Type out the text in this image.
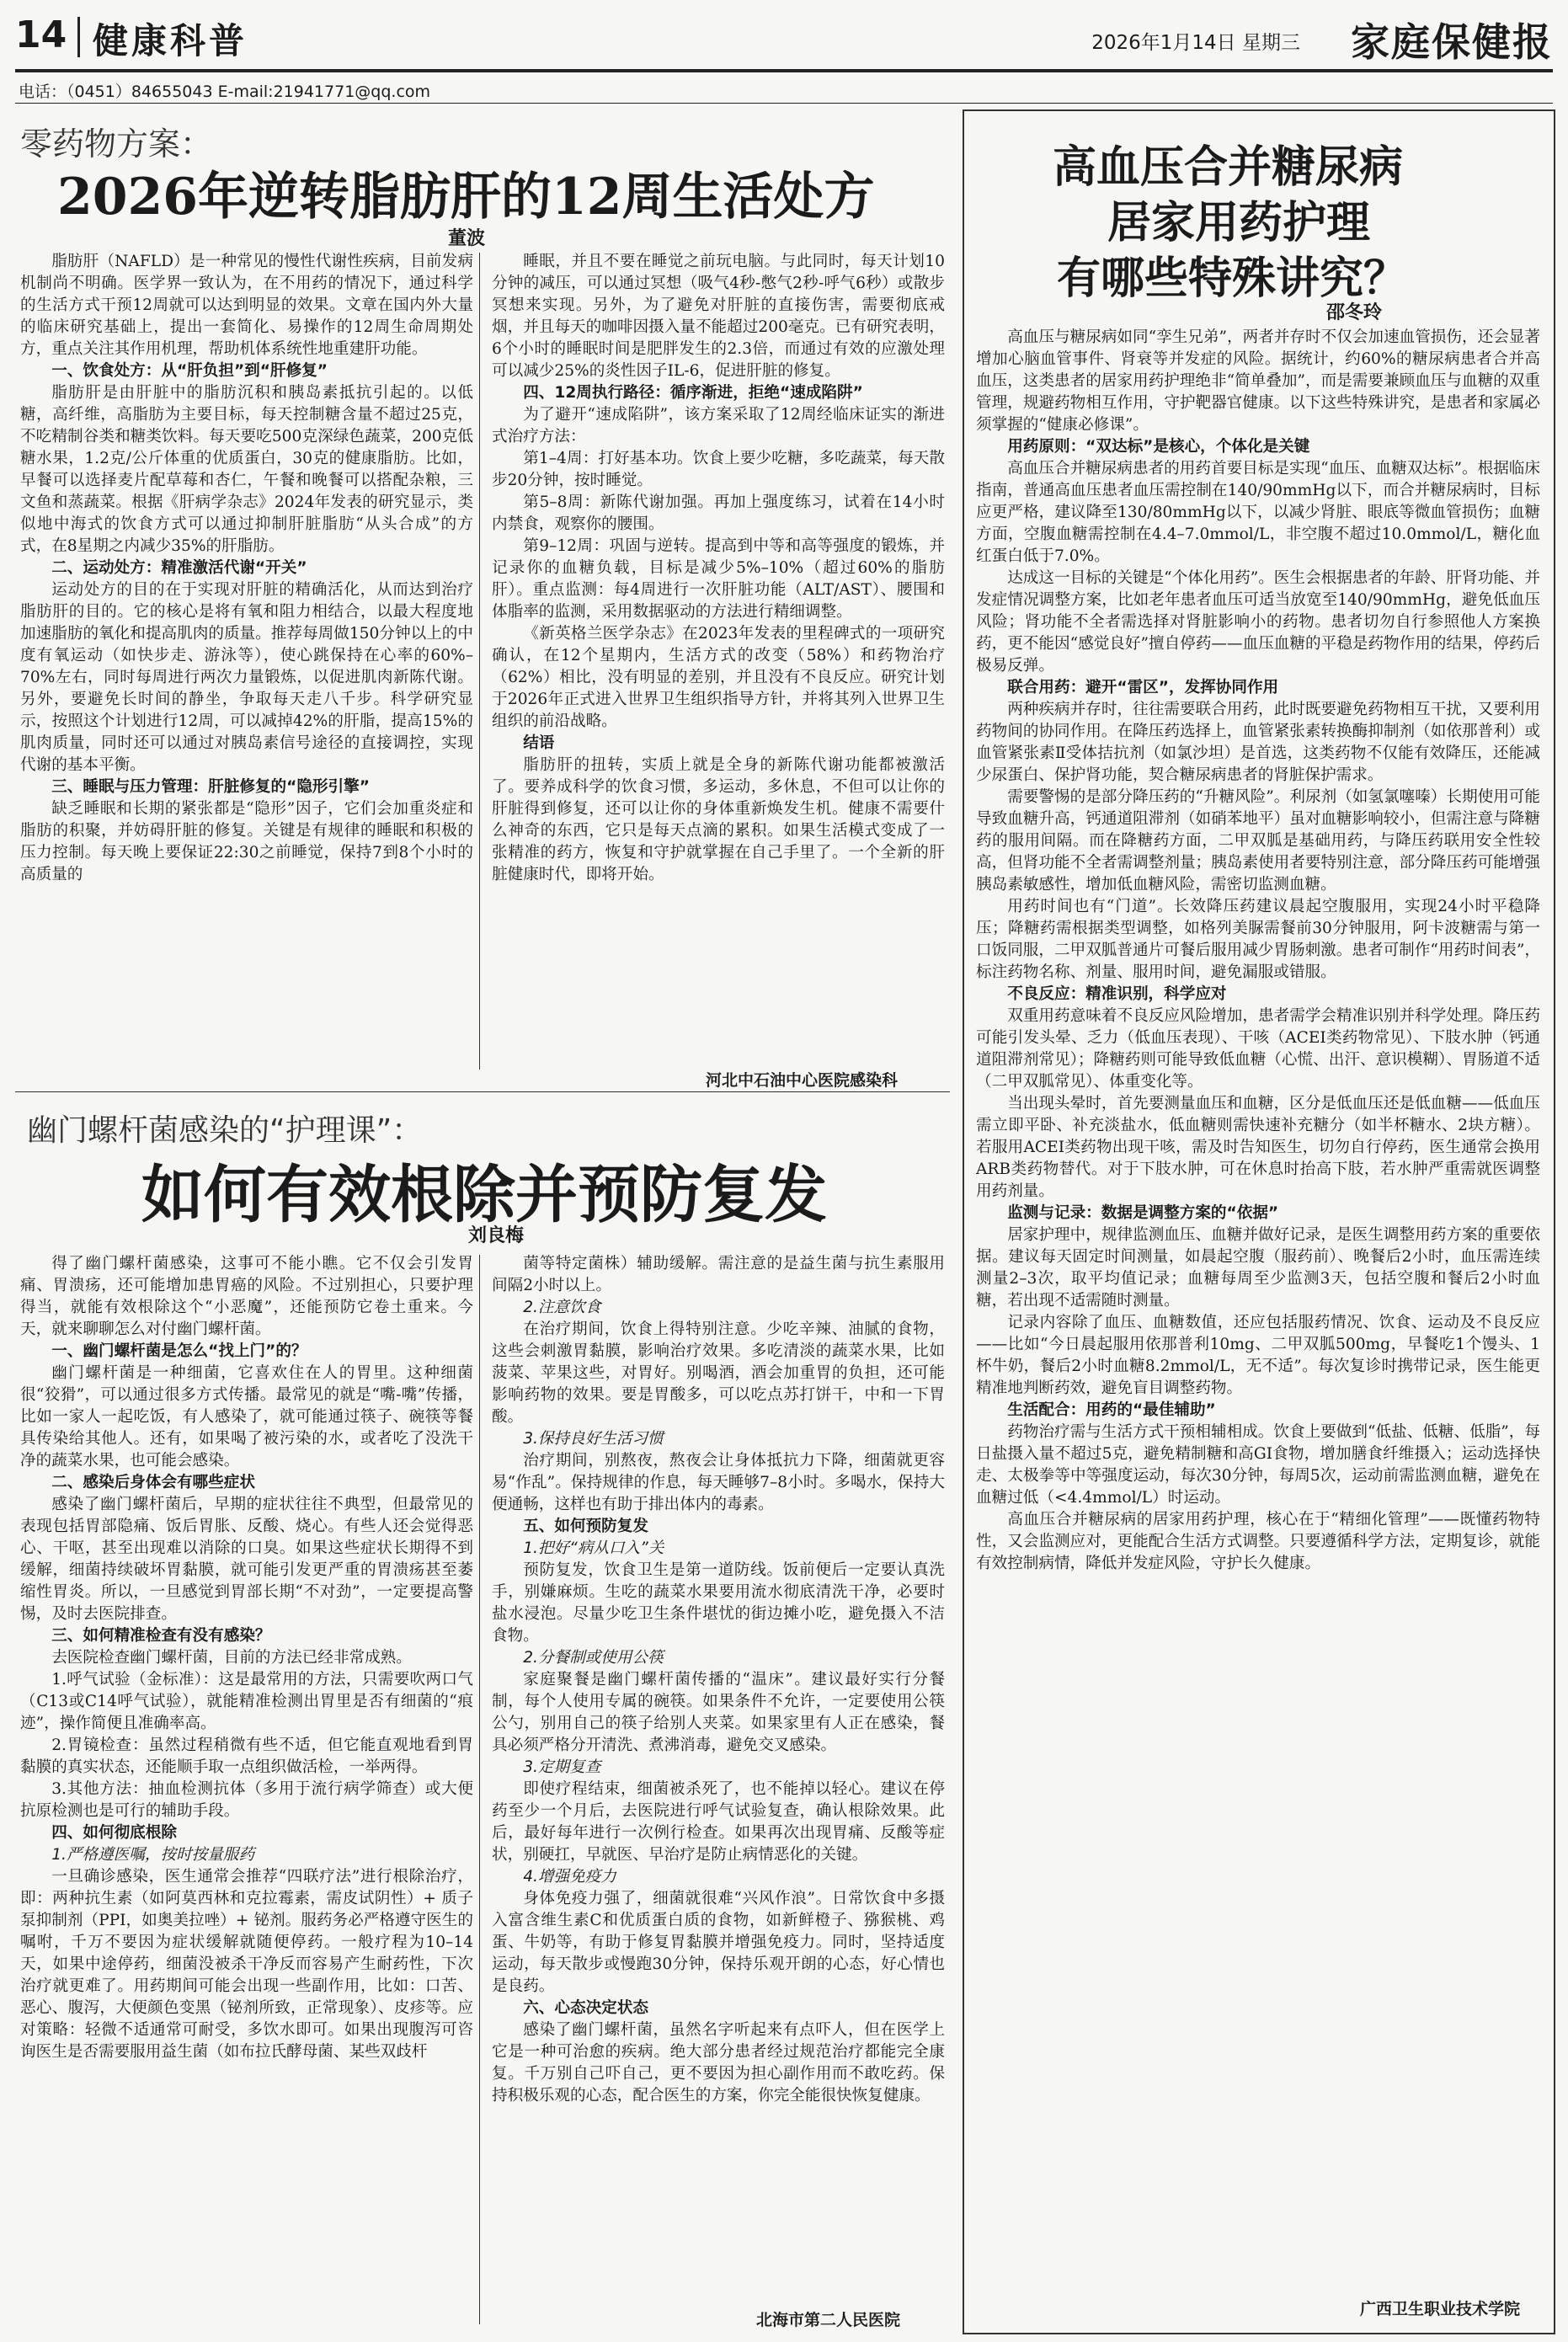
14 健康科普	2026年1月14日 星期三 家庭保健报
电话：（0451）84655043 E-mail:21941771@qq.com
零药物方案：
2026年逆转脂肪肝的12周生活处方
董波

脂肪肝（NAFLD）是一种常见的慢性代谢性疾病，目前发病机制尚不明确。医学界一致认为，在不用药的情况下，通过科学的生活方式干预12周就可以达到明显的效果。文章在国内外大量的临床研究基础上，提出一套简化、易操作的12周生命周期处方，重点关注其作用机理，帮助机体系统性地重建肝功能。

一、饮食处方：从“肝负担”到“肝修复”

脂肪肝是由肝脏中的脂肪沉积和胰岛素抵抗引起的。以低糖，高纤维，高脂肪为主要目标，每天控制糖含量不超过25克，不吃精制谷类和糖类饮料。每天要吃500克深绿色蔬菜，200克低糖水果，1.2克/公斤体重的优质蛋白，30克的健康脂肪。比如，早餐可以选择麦片配草莓和杏仁，午餐和晚餐可以搭配杂粮，三文鱼和蒸蔬菜。根据《肝病学杂志》2024年发表的研究显示，类似地中海式的饮食方式可以通过抑制肝脏脂肪“从头合成”的方式，在8星期之内减少35%的肝脂肪。

二、运动处方：精准激活代谢“开关”

运动处方的目的在于实现对肝脏的精确活化，从而达到治疗脂肪肝的目的。它的核心是将有氧和阻力相结合，以最大程度地加速脂肪的氧化和提高肌肉的质量。推荐每周做150分钟以上的中度有氧运动（如快步走、游泳等），使心跳保持在心率的60%–70%左右，同时每周进行两次力量锻炼，以促进肌肉新陈代谢。另外，要避免长时间的静坐，争取每天走八千步。科学研究显示，按照这个计划进行12周，可以减掉42%的肝脂，提高15%的肌肉质量，同时还可以通过对胰岛素信号途径的直接调控，实现代谢的基本平衡。

三、睡眠与压力管理：肝脏修复的“隐形引擎”

缺乏睡眠和长期的紧张都是“隐形”因子，它们会加重炎症和脂肪的积聚，并妨碍肝脏的修复。关键是有规律的睡眠和积极的压力控制。每天晚上要保证22:30之前睡觉，保持7到8个小时的高质量的

睡眠，并且不要在睡觉之前玩电脑。与此同时，每天计划10分钟的减压，可以通过冥想（吸气4秒-憋气2秒-呼气6秒）或散步冥想来实现。另外，为了避免对肝脏的直接伤害，需要彻底戒烟，并且每天的咖啡因摄入量不能超过200毫克。已有研究表明，6个小时的睡眠时间是肥胖发生的2.3倍，而通过有效的应激处理可以减少25%的炎性因子IL-6，促进肝脏的修复。

四、12周执行路径：循序渐进，拒绝“速成陷阱”

为了避开“速成陷阱”，该方案采取了12周经临床证实的渐进式治疗方法：

第1–4周：打好基本功。饮食上要少吃糖，多吃蔬菜，每天散步20分钟，按时睡觉。

第5–8周：新陈代谢加强。再加上强度练习，试着在14小时内禁食，观察你的腰围。

第9–12周：巩固与逆转。提高到中等和高等强度的锻炼，并记录你的血糖负载，目标是减少5%–10%（超过60%的脂肪肝）。重点监测：每4周进行一次肝脏功能（ALT/AST）、腰围和体脂率的监测，采用数据驱动的方法进行精细调整。

《新英格兰医学杂志》在2023年发表的里程碑式的一项研究确认，在12个星期内，生活方式的改变（58%）和药物治疗（62%）相比，没有明显的差别，并且没有不良反应。研究计划于2026年正式进入世界卫生组织指导方针，并将其列入世界卫生组织的前沿战略。

结语

脂肪肝的扭转，实质上就是全身的新陈代谢功能都被激活了。要养成科学的饮食习惯，多运动，多休息，不但可以让你的肝脏得到修复，还可以让你的身体重新焕发生机。健康不需要什么神奇的东西，它只是每天点滴的累积。如果生活模式变成了一张精准的药方，恢复和守护就掌握在自己手里了。一个全新的肝脏健康时代，即将开始。

河北中石油中心医院感染科
幽门螺杆菌感染的“护理课”：
如何有效根除并预防复发
刘良梅

得了幽门螺杆菌感染，这事可不能小瞧。它不仅会引发胃痛、胃溃疡，还可能增加患胃癌的风险。不过别担心，只要护理得当，就能有效根除这个“小恶魔”，还能预防它卷土重来。今天，就来聊聊怎么对付幽门螺杆菌。

一、幽门螺杆菌是怎么“找上门”的？

幽门螺杆菌是一种细菌，它喜欢住在人的胃里。这种细菌很“狡猾”，可以通过很多方式传播。最常见的就是“嘴-嘴”传播，比如一家人一起吃饭，有人感染了，就可能通过筷子、碗筷等餐具传染给其他人。还有，如果喝了被污染的水，或者吃了没洗干净的蔬菜水果，也可能会感染。

二、感染后身体会有哪些症状

感染了幽门螺杆菌后，早期的症状往往不典型，但最常见的表现包括胃部隐痛、饭后胃胀、反酸、烧心。有些人还会觉得恶心、干呕，甚至出现难以消除的口臭。如果这些症状长期得不到缓解，细菌持续破坏胃黏膜，就可能引发更严重的胃溃疡甚至萎缩性胃炎。所以，一旦感觉到胃部长期“不对劲”，一定要提高警惕，及时去医院排查。

三、如何精准检查有没有感染？

去医院检查幽门螺杆菌，目前的方法已经非常成熟。

1.呼气试验（金标准）：这是最常用的方法，只需要吹两口气（C13或C14呼气试验），就能精准检测出胃里是否有细菌的“痕迹”，操作简便且准确率高。

2.胃镜检查：虽然过程稍微有些不适，但它能直观地看到胃黏膜的真实状态，还能顺手取一点组织做活检，一举两得。

3.其他方法：抽血检测抗体（多用于流行病学筛查）或大便抗原检测也是可行的辅助手段。

四、如何彻底根除

1.严格遵医嘱，按时按量服药

一旦确诊感染，医生通常会推荐“四联疗法”进行根除治疗，即：两种抗生素（如阿莫西林和克拉霉素，需皮试阴性）+ 质子泵抑制剂（PPI，如奥美拉唑）+ 铋剂。服药务必严格遵守医生的嘱咐，千万不要因为症状缓解就随便停药。一般疗程为10–14天，如果中途停药，细菌没被杀干净反而容易产生耐药性，下次治疗就更难了。用药期间可能会出现一些副作用，比如：口苦、恶心、腹泻，大便颜色变黑（铋剂所致，正常现象）、皮疹等。应对策略：轻微不适通常可耐受，多饮水即可。如果出现腹泻可咨询医生是否需要服用益生菌（如布拉氏酵母菌、某些双歧杆

菌等特定菌株）辅助缓解。需注意的是益生菌与抗生素服用间隔2小时以上。

2.注意饮食

在治疗期间，饮食上得特别注意。少吃辛辣、油腻的食物，这些会刺激胃黏膜，影响治疗效果。多吃清淡的蔬菜水果，比如菠菜、苹果这些，对胃好。别喝酒，酒会加重胃的负担，还可能影响药物的效果。要是胃酸多，可以吃点苏打饼干，中和一下胃酸。

3.保持良好生活习惯

治疗期间，别熬夜，熬夜会让身体抵抗力下降，细菌就更容易“作乱”。保持规律的作息，每天睡够7–8小时。多喝水，保持大便通畅，这样也有助于排出体内的毒素。

五、如何预防复发

1.把好“病从口入”关

预防复发，饮食卫生是第一道防线。饭前便后一定要认真洗手，别嫌麻烦。生吃的蔬菜水果要用流水彻底清洗干净，必要时盐水浸泡。尽量少吃卫生条件堪忧的街边摊小吃，避免摄入不洁食物。

2.分餐制或使用公筷

家庭聚餐是幽门螺杆菌传播的“温床”。建议最好实行分餐制，每个人使用专属的碗筷。如果条件不允许，一定要使用公筷公勺，别用自己的筷子给别人夹菜。如果家里有人正在感染，餐具必须严格分开清洗、煮沸消毒，避免交叉感染。

3.定期复查

即使疗程结束，细菌被杀死了，也不能掉以轻心。建议在停药至少一个月后，去医院进行呼气试验复查，确认根除效果。此后，最好每年进行一次例行检查。如果再次出现胃痛、反酸等症状，别硬扛，早就医、早治疗是防止病情恶化的关键。

4.增强免疫力

身体免疫力强了，细菌就很难“兴风作浪”。日常饮食中多摄入富含维生素C和优质蛋白质的食物，如新鲜橙子、猕猴桃、鸡蛋、牛奶等，有助于修复胃黏膜并增强免疫力。同时，坚持适度运动，每天散步或慢跑30分钟，保持乐观开朗的心态，好心情也是良药。

六、心态决定状态

感染了幽门螺杆菌，虽然名字听起来有点吓人，但在医学上它是一种可治愈的疾病。绝大部分患者经过规范治疗都能完全康复。千万别自己吓自己，更不要因为担心副作用而不敢吃药。保持积极乐观的心态，配合医生的方案，你完全能很快恢复健康。

北海市第二人民医院
高血压合并糖尿病
居家用药护理
有哪些特殊讲究？
邵冬玲

高血压与糖尿病如同“孪生兄弟”，两者并存时不仅会加速血管损伤，还会显著增加心脑血管事件、肾衰等并发症的风险。据统计，约60%的糖尿病患者合并高血压，这类患者的居家用药护理绝非“简单叠加”，而是需要兼顾血压与血糖的双重管理，规避药物相互作用，守护靶器官健康。以下这些特殊讲究，是患者和家属必须掌握的“健康必修课”。

用药原则：“双达标”是核心，个体化是关键

高血压合并糖尿病患者的用药首要目标是实现“血压、血糖双达标”。根据临床指南，普通高血压患者血压需控制在140/90mmHg以下，而合并糖尿病时，目标应更严格，建议降至130/80mmHg以下，以减少肾脏、眼底等微血管损伤；血糖方面，空腹血糖需控制在4.4–7.0mmol/L，非空腹不超过10.0mmol/L，糖化血红蛋白低于7.0%。

达成这一目标的关键是“个体化用药”。医生会根据患者的年龄、肝肾功能、并发症情况调整方案，比如老年患者血压可适当放宽至140/90mmHg，避免低血压风险；肾功能不全者需选择对肾脏影响小的药物。患者切勿自行参照他人方案换药，更不能因“感觉良好”擅自停药——血压血糖的平稳是药物作用的结果，停药后极易反弹。

联合用药：避开“雷区”，发挥协同作用

两种疾病并存时，往往需要联合用药，此时既要避免药物相互干扰，又要利用药物间的协同作用。在降压药选择上，血管紧张素转换酶抑制剂（如依那普利）或血管紧张素Ⅱ受体拮抗剂（如氯沙坦）是首选，这类药物不仅能有效降压，还能减少尿蛋白、保护肾功能，契合糖尿病患者的肾脏保护需求。

需要警惕的是部分降压药的“升糖风险”。利尿剂（如氢氯噻嗪）长期使用可能导致血糖升高，钙通道阻滞剂（如硝苯地平）虽对血糖影响较小，但需注意与降糖药的服用间隔。而在降糖药方面，二甲双胍是基础用药，与降压药联用安全性较高，但肾功能不全者需调整剂量；胰岛素使用者要特别注意，部分降压药可能增强胰岛素敏感性，增加低血糖风险，需密切监测血糖。

用药时间也有“门道”。长效降压药建议晨起空腹服用，实现24小时平稳降压；降糖药需根据类型调整，如格列美脲需餐前30分钟服用，阿卡波糖需与第一口饭同服，二甲双胍普通片可餐后服用减少胃肠刺激。患者可制作“用药时间表”，标注药物名称、剂量、服用时间，避免漏服或错服。

不良反应：精准识别，科学应对

双重用药意味着不良反应风险增加，患者需学会精准识别并科学处理。降压药可能引发头晕、乏力（低血压表现）、干咳（ACEI类药物常见）、下肢水肿（钙通道阻滞剂常见）；降糖药则可能导致低血糖（心慌、出汗、意识模糊）、胃肠道不适（二甲双胍常见）、体重变化等。

当出现头晕时，首先要测量血压和血糖，区分是低血压还是低血糖——低血压需立即平卧、补充淡盐水，低血糖则需快速补充糖分（如半杯糖水、2块方糖）。若服用ACEI类药物出现干咳，需及时告知医生，切勿自行停药，医生通常会换用ARB类药物替代。对于下肢水肿，可在休息时抬高下肢，若水肿严重需就医调整用药剂量。

监测与记录：数据是调整方案的“依据”

居家护理中，规律监测血压、血糖并做好记录，是医生调整用药方案的重要依据。建议每天固定时间测量，如晨起空腹（服药前）、晚餐后2小时，血压需连续测量2–3次，取平均值记录；血糖每周至少监测3天，包括空腹和餐后2小时血糖，若出现不适需随时测量。

记录内容除了血压、血糖数值，还应包括服药情况、饮食、运动及不良反应——比如“今日晨起服用依那普利10mg、二甲双胍500mg，早餐吃1个馒头、1杯牛奶，餐后2小时血糖8.2mmol/L，无不适”。每次复诊时携带记录，医生能更精准地判断药效，避免盲目调整药物。

生活配合：用药的“最佳辅助”

药物治疗需与生活方式干预相辅相成。饮食上要做到“低盐、低糖、低脂”，每日盐摄入量不超过5克，避免精制糖和高GI食物，增加膳食纤维摄入；运动选择快走、太极拳等中等强度运动，每次30分钟，每周5次，运动前需监测血糖，避免在血糖过低（<4.4mmol/L）时运动。

高血压合并糖尿病的居家用药护理，核心在于“精细化管理”——既懂药物特性，又会监测应对，更能配合生活方式调整。只要遵循科学方法，定期复诊，就能有效控制病情，降低并发症风险，守护长久健康。

广西卫生职业技术学院
